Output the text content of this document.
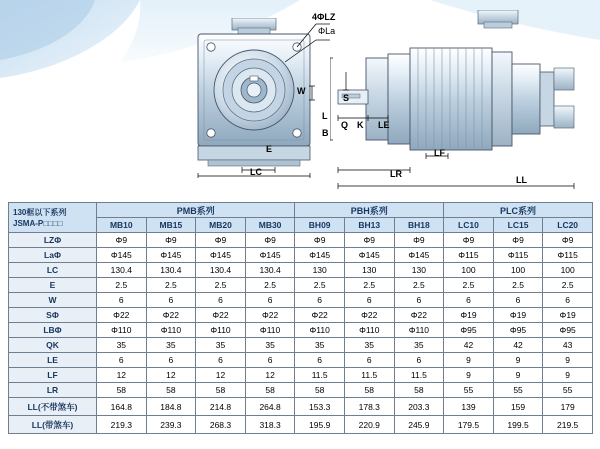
4ΦLZ
ΦLa
W
E
LC
S
L
B
Q K LE
LF
LR
LL
130框以下系列
JSMA-P□□□□	PMB系列				PBH系列			PLC系列		
	MB10	MB15	MB20	MB30	BH09	BH13	BH18	LC10	LC15	LC20
LZΦ	Φ9	Φ9	Φ9	Φ9	Φ9	Φ9	Φ9	Φ9	Φ9	Φ9
LaΦ	Φ145	Φ145	Φ145	Φ145	Φ145	Φ145	Φ145	Φ115	Φ115	Φ115
LC	130.4	130.4	130.4	130.4	130	130	130	100	100	100
E	2.5	2.5	2.5	2.5	2.5	2.5	2.5	2.5	2.5	2.5
W	6	6	6	6	6	6	6	6	6	6
SΦ	Φ22	Φ22	Φ22	Φ22	Φ22	Φ22	Φ22	Φ19	Φ19	Φ19
LBΦ	Φ110	Φ110	Φ110	Φ110	Φ110	Φ110	Φ110	Φ95	Φ95	Φ95
QK	35	35	35	35	35	35	35	42	42	43
LE	6	6	6	6	6	6	6	9	9	9
LF	12	12	12	12	11.5	11.5	11.5	9	9	9
LR	58	58	58	58	58	58	58	55	55	55
LL(不带煞车)	164.8	184.8	214.8	264.8	153.3	178.3	203.3	139	159	179
LL(带煞车)	219.3	239.3	268.3	318.3	195.9	220.9	245.9	179.5	199.5	219.5
